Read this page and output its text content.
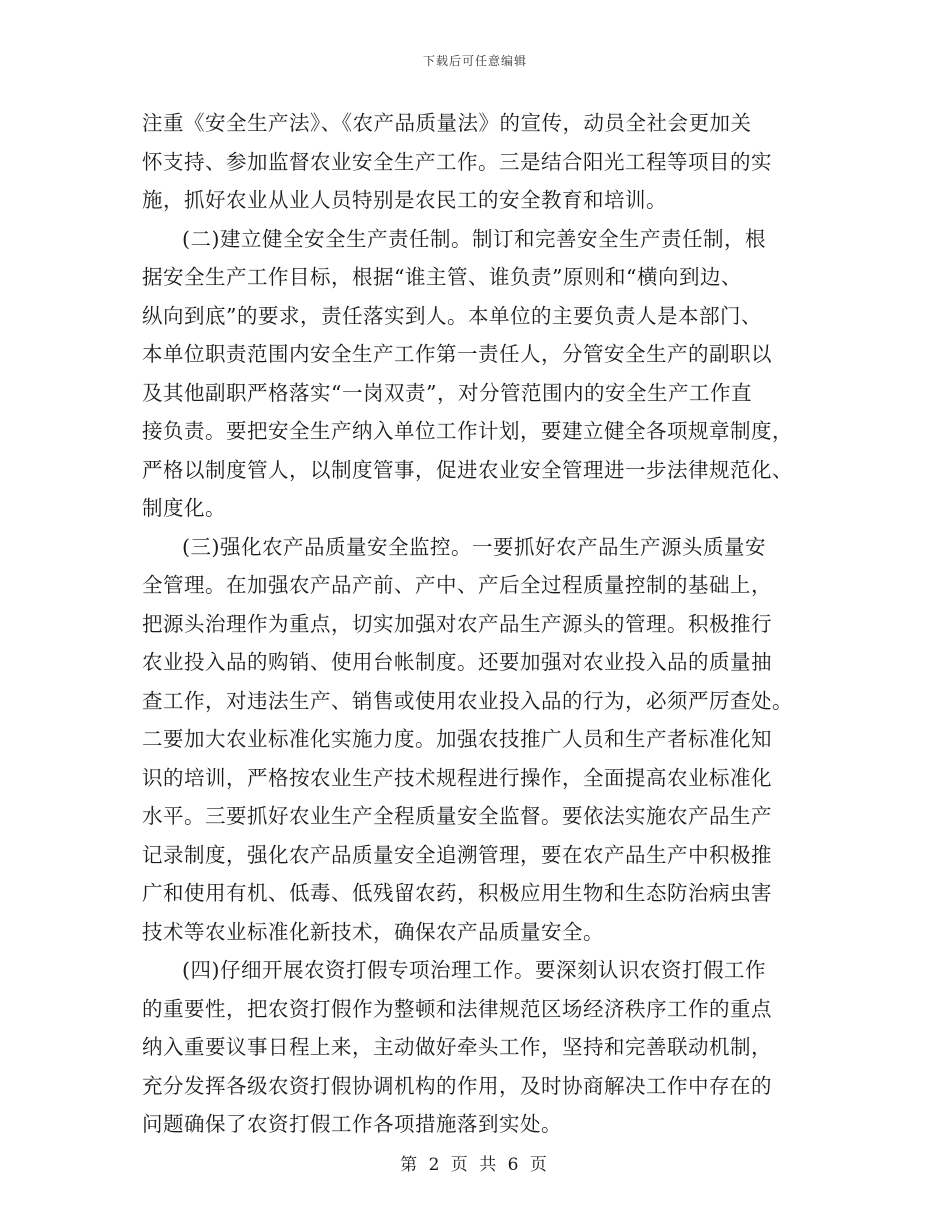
下载后可任意编辑
注重《安全生产法》、《农产品质量法》的宣传，动员全社会更加关
怀支持、参加监督农业安全生产工作。三是结合阳光工程等项目的实
施，抓好农业从业人员特别是农民工的安全教育和培训。
(二)建立健全安全生产责任制。制订和完善安全生产责任制，根
据安全生产工作目标，根据“谁主管、谁负责”原则和“横向到边、
纵向到底”的要求，责任落实到人。本单位的主要负责人是本部门、
本单位职责范围内安全生产工作第一责任人，分管安全生产的副职以
及其他副职严格落实“一岗双责”，对分管范围内的安全生产工作直
接负责。要把安全生产纳入单位工作计划，要建立健全各项规章制度，
严格以制度管人，以制度管事，促进农业安全管理进一步法律规范化、
制度化。
(三)强化农产品质量安全监控。一要抓好农产品生产源头质量安
全管理。在加强农产品产前、产中、产后全过程质量控制的基础上，
把源头治理作为重点，切实加强对农产品生产源头的管理。积极推行
农业投入品的购销、使用台帐制度。还要加强对农业投入品的质量抽
查工作，对违法生产、销售或使用农业投入品的行为，必须严厉查处。
二要加大农业标准化实施力度。加强农技推广人员和生产者标准化知
识的培训，严格按农业生产技术规程进行操作，全面提高农业标准化
水平。三要抓好农业生产全程质量安全监督。要依法实施农产品生产
记录制度，强化农产品质量安全追溯管理，要在农产品生产中积极推
广和使用有机、低毒、低残留农药，积极应用生物和生态防治病虫害
技术等农业标准化新技术，确保农产品质量安全。
(四)仔细开展农资打假专项治理工作。要深刻认识农资打假工作
的重要性，把农资打假作为整顿和法律规范区场经济秩序工作的重点
纳入重要议事日程上来，主动做好牵头工作，坚持和完善联动机制，
充分发挥各级农资打假协调机构的作用，及时协商解决工作中存在的
问题确保了农资打假工作各项措施落到实处。
第 2 页 共 6 页
